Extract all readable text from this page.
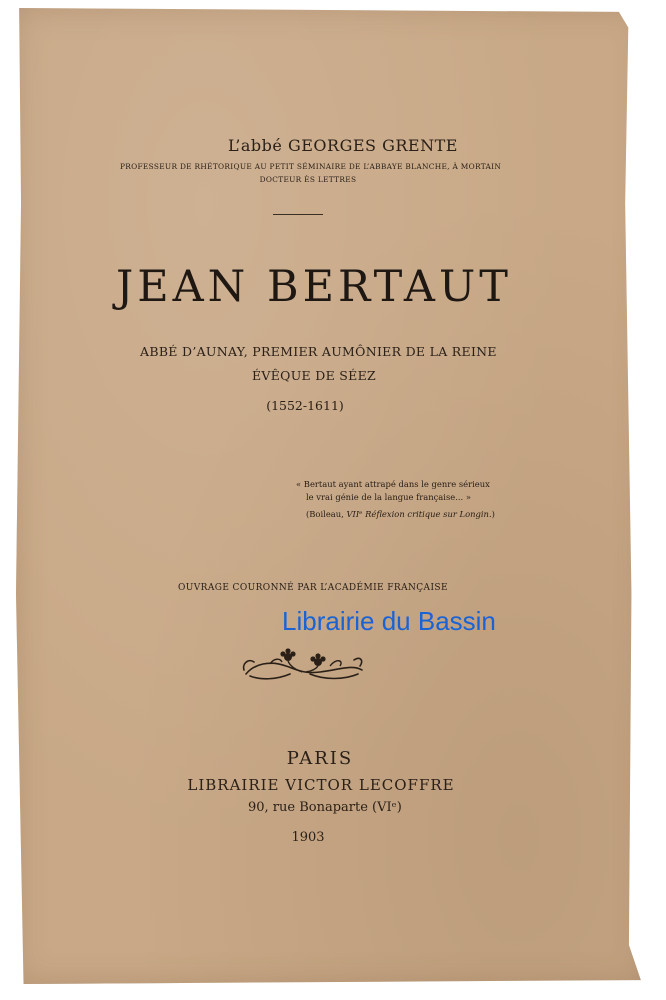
L’abbé GEORGES GRENTE
PROFESSEUR DE RHÉTORIQUE AU PETIT SÉMINAIRE DE L’ABBAYE BLANCHE, À MORTAIN
DOCTEUR ÈS LETTRES
JEAN BERTAUT
ABBÉ D’AUNAY, PREMIER AUMÔNIER DE LA REINE
ÉVÊQUE DE SÉEZ
(1552-1611)
« Bertaut ayant attrapé dans le genre sérieux
le vrai génie de la langue française... »
(Boileau, VIIᵉ Réflexion critique sur Longin.)
OUVRAGE COURONNÉ PAR L’ACADÉMIE FRANÇAISE
Librairie du Bassin
PARIS
LIBRAIRIE VICTOR LECOFFRE
90, rue Bonaparte (VIᵉ)
1903
